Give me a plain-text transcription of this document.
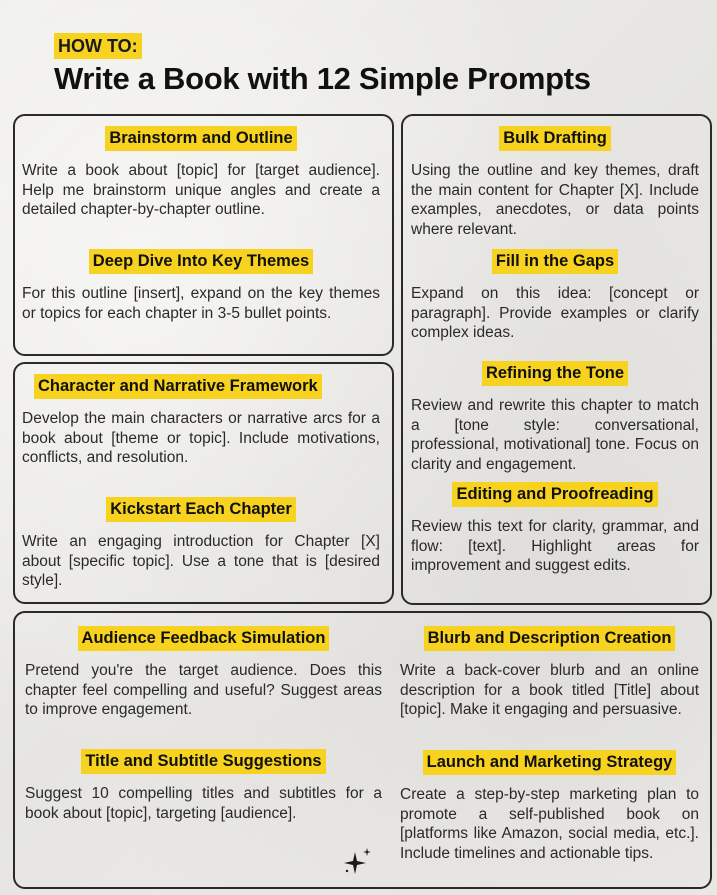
HOW TO:
Write a Book with 12 Simple Prompts
Brainstorm and Outline
Write a book about [topic] for [target audience]. Help me brainstorm unique angles and create a detailed chapter-by-chapter outline.
Deep Dive Into Key Themes
For this outline [insert], expand on the key themes or topics for each chapter in 3-5 bullet points.
Character and Narrative Framework
Develop the main characters or narrative arcs for a book about [theme or topic]. Include motivations, conflicts, and resolution.
Kickstart Each Chapter
Write an engaging introduction for Chapter [X] about [specific topic]. Use a tone that is [desired style].
Bulk Drafting
Using the outline and key themes, draft the main content for Chapter [X]. Include examples, anecdotes, or data points where relevant.
Fill in the Gaps
Expand on this idea: [concept or paragraph]. Provide examples or clarify complex ideas.
Refining the Tone
Review and rewrite this chapter to match a [tone style: conversational, professional, motivational] tone. Focus on clarity and engagement.
Editing and Proofreading
Review this text for clarity, grammar, and flow: [text]. Highlight areas for improvement and suggest edits.
Audience Feedback Simulation
Pretend you're the target audience. Does this chapter feel compelling and useful? Suggest areas to improve engagement.
Title and Subtitle Suggestions
Suggest 10 compelling titles and subtitles for a book about [topic], targeting [audience].
Blurb and Description Creation
Write a back-cover blurb and an online description for a book titled [Title] about [topic]. Make it engaging and persuasive.
Launch and Marketing Strategy
Create a step-by-step marketing plan to promote a self-published book on [platforms like Amazon, social media, etc.]. Include timelines and actionable tips.
